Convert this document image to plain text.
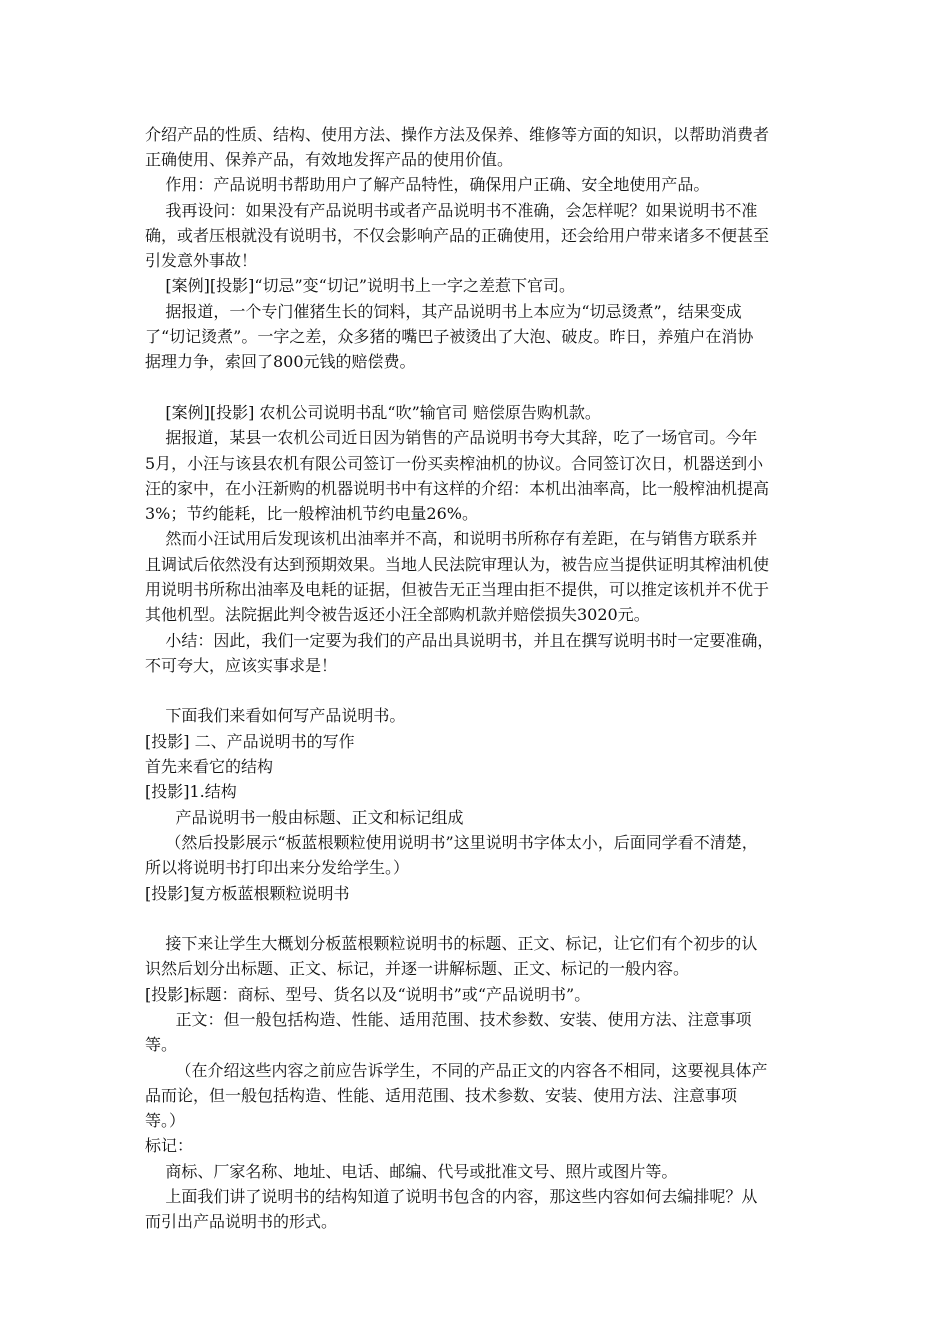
介绍产品的性质、结构、使用方法、操作方法及保养、维修等方面的知识，以帮助消费者
正确使用、保养产品，有效地发挥产品的使用价值。
作用：产品说明书帮助用户了解产品特性，确保用户正确、安全地使用产品。
我再设问：如果没有产品说明书或者产品说明书不准确，会怎样呢？如果说明书不准
确，或者压根就没有说明书，不仅会影响产品的正确使用，还会给用户带来诸多不便甚至
引发意外事故！
[案例][投影]“切忌”变“切记”说明书上一字之差惹下官司。
据报道，一个专门催猪生长的饲料，其产品说明书上本应为“切忌烫煮”，结果变成
了“切记烫煮”。一字之差，众多猪的嘴巴子被烫出了大泡、破皮。昨日，养殖户在消协
据理力争，索回了800元钱的赔偿费。
[案例][投影] 农机公司说明书乱“吹”输官司 赔偿原告购机款。
据报道，某县一农机公司近日因为销售的产品说明书夸大其辞，吃了一场官司。今年
5月，小汪与该县农机有限公司签订一份买卖榨油机的协议。合同签订次日，机器送到小
汪的家中，在小汪新购的机器说明书中有这样的介绍：本机出油率高，比一般榨油机提高
3%；节约能耗，比一般榨油机节约电量26%。
然而小汪试用后发现该机出油率并不高，和说明书所称存有差距，在与销售方联系并
且调试后依然没有达到预期效果。当地人民法院审理认为，被告应当提供证明其榨油机使
用说明书所称出油率及电耗的证据，但被告无正当理由拒不提供，可以推定该机并不优于
其他机型。法院据此判令被告返还小汪全部购机款并赔偿损失3020元。
小结：因此，我们一定要为我们的产品出具说明书，并且在撰写说明书时一定要准确，
不可夸大，应该实事求是！
下面我们来看如何写产品说明书。
[投影] 二、产品说明书的写作
首先来看它的结构
[投影]1.结构
产品说明书一般由标题、正文和标记组成
（然后投影展示“板蓝根颗粒使用说明书”这里说明书字体太小，后面同学看不清楚，
所以将说明书打印出来分发给学生。）
[投影]复方板蓝根颗粒说明书
接下来让学生大概划分板蓝根颗粒说明书的标题、正文、标记，让它们有个初步的认
识然后划分出标题、正文、标记，并逐一讲解标题、正文、标记的一般内容。
[投影]标题：商标、型号、货名以及“说明书”或“产品说明书”。
正文：但一般包括构造、性能、适用范围、技术参数、安装、使用方法、注意事项
等。
（在介绍这些内容之前应告诉学生，不同的产品正文的内容各不相同，这要视具体产
品而论，但一般包括构造、性能、适用范围、技术参数、安装、使用方法、注意事项
等。）
标记：
商标、厂家名称、地址、电话、邮编、代号或批准文号、照片或图片等。
上面我们讲了说明书的结构知道了说明书包含的内容，那这些内容如何去编排呢？从
而引出产品说明书的形式。
